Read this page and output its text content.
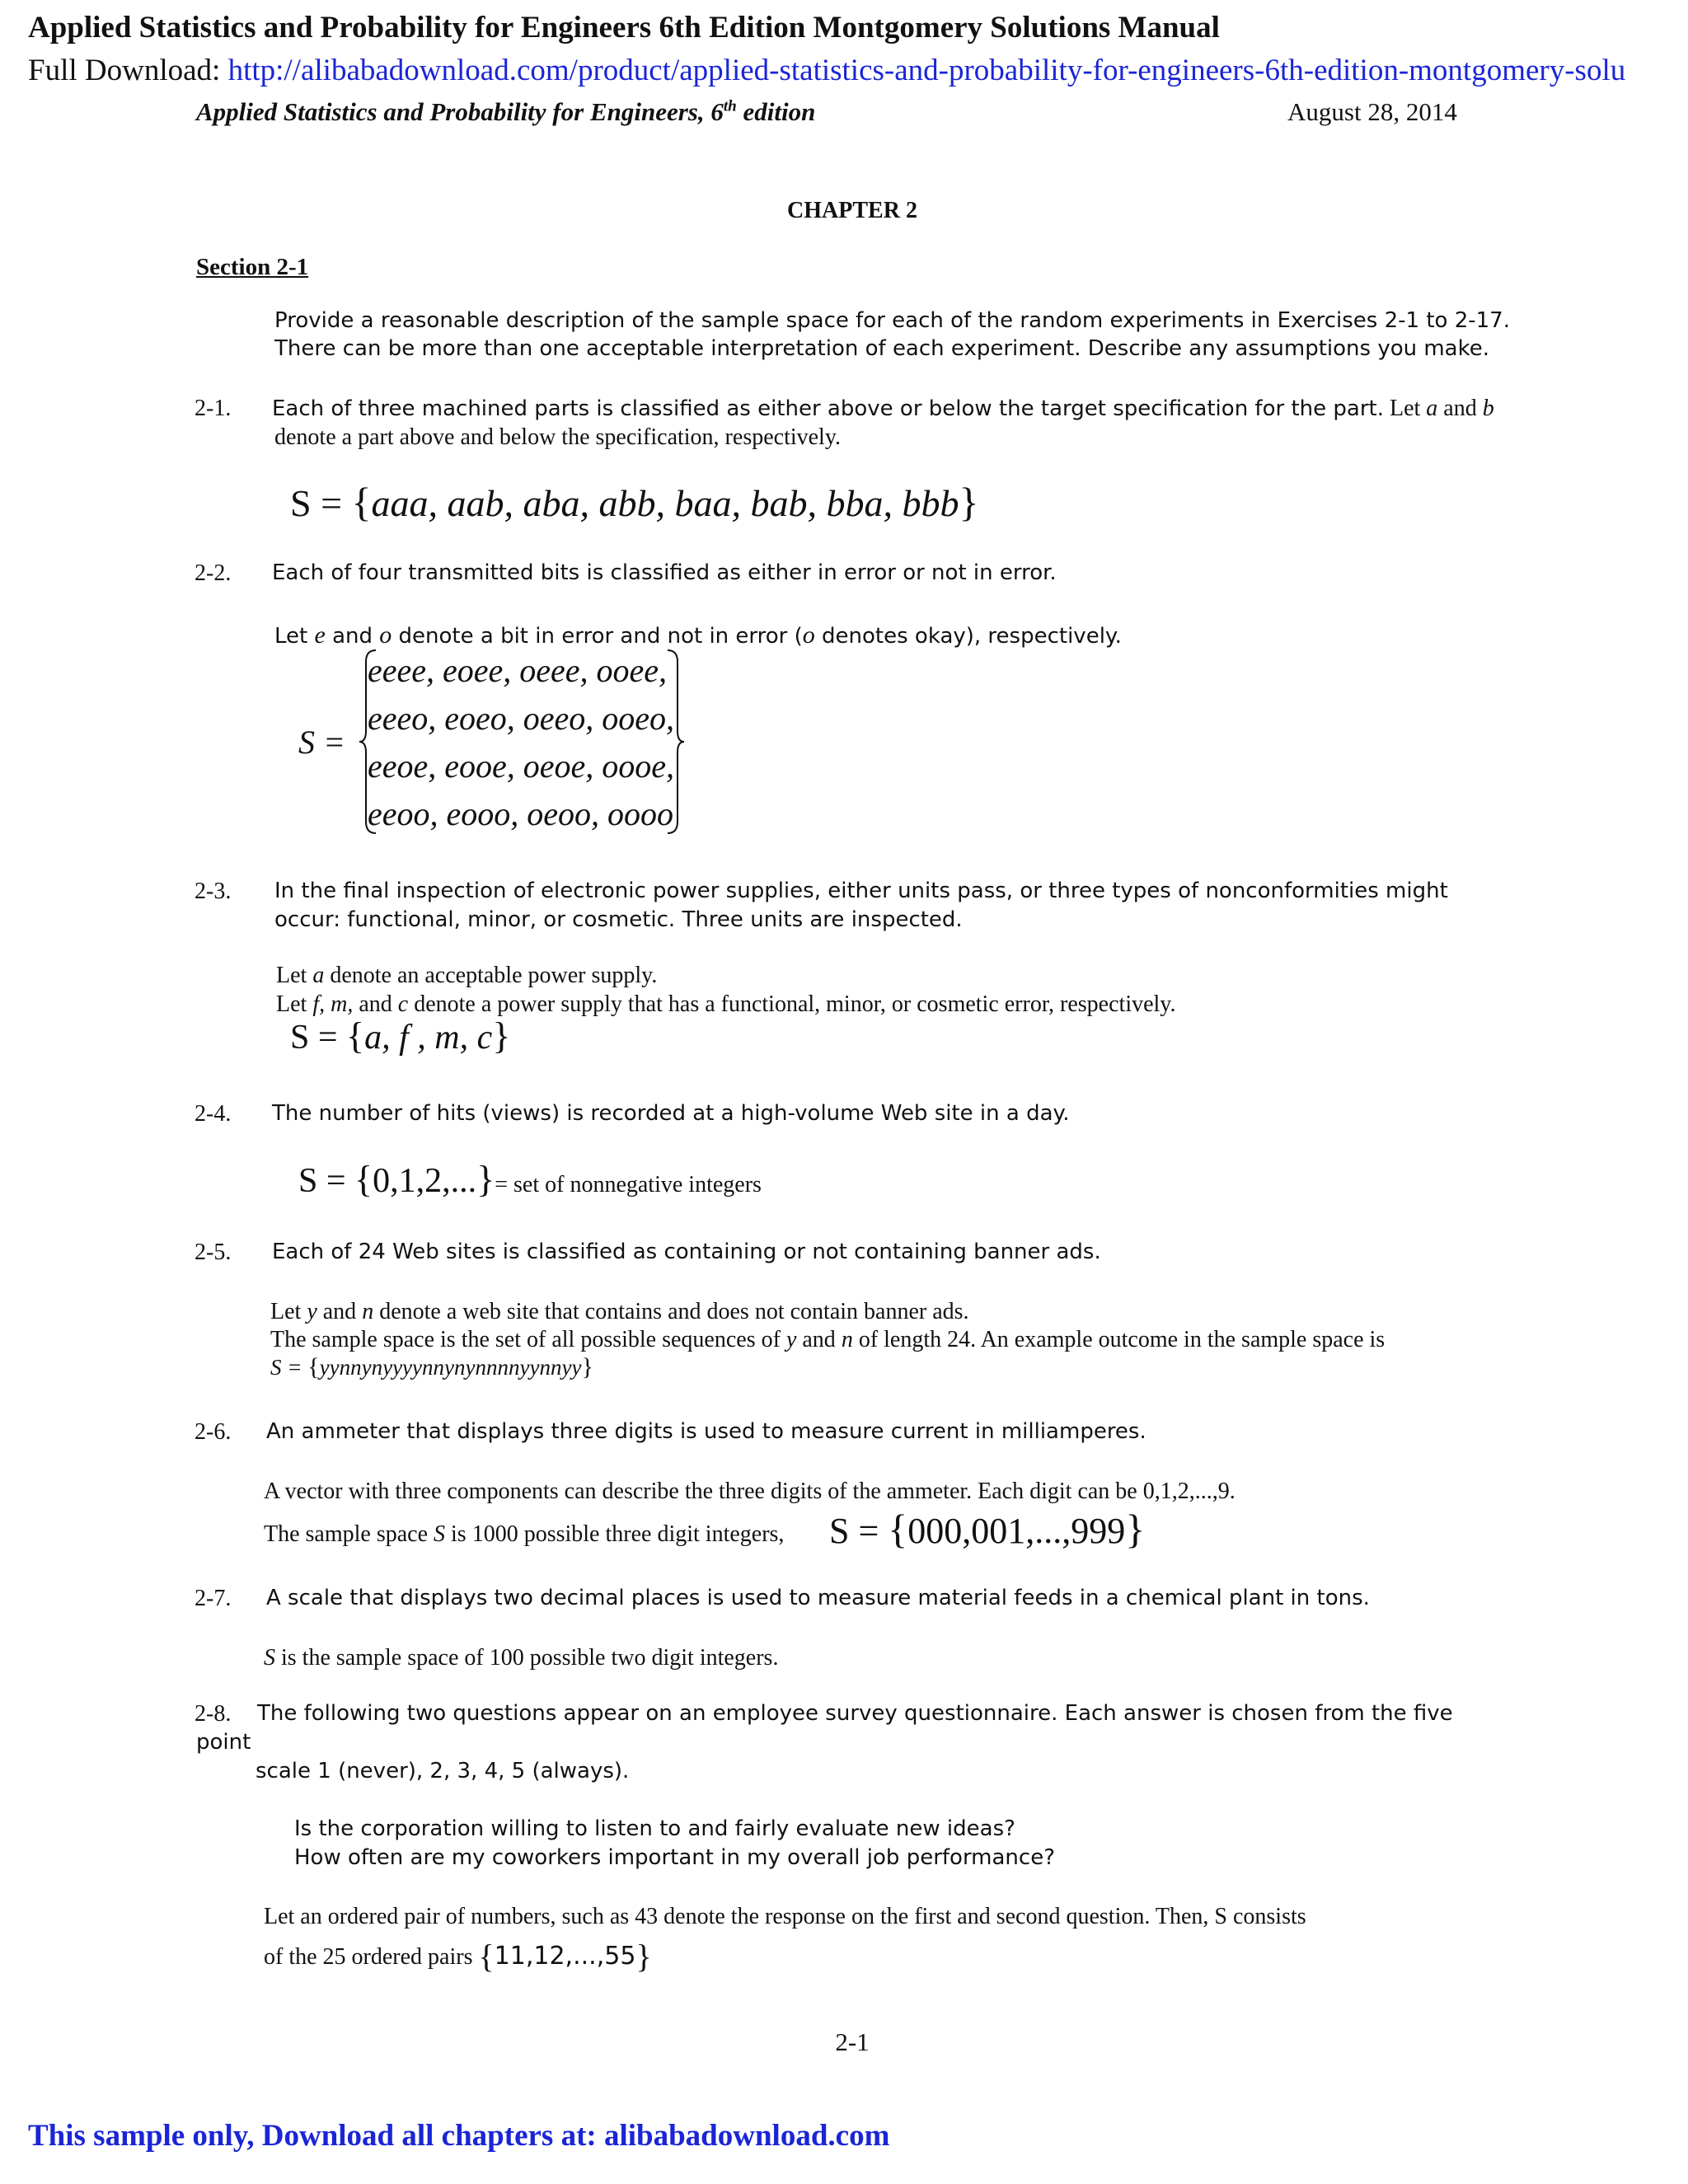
Applied Statistics and Probability for Engineers 6th Edition Montgomery Solutions Manual
Full Download: http://alibabadownload.com/product/applied-statistics-and-probability-for-engineers-6th-edition-montgomery-solu
Applied Statistics and Probability for Engineers, 6th edition	August 28, 2014
CHAPTER 2
Section 2-1
Provide a reasonable description of the sample space for each of the random experiments in Exercises 2-1 to 2-17.
There can be more than one acceptable interpretation of each experiment. Describe any assumptions you make.
2-1. Each of three machined parts is classified as either above or below the target specification for the part. Let a and b
denote a part above and below the specification, respectively.
S = {aaa, aab, aba, abb, baa, bab, bba, bbb}
2-2. Each of four transmitted bits is classified as either in error or not in error.
Let e and o denote a bit in error and not in error (o denotes okay), respectively.
S =
eeee, eoee, oeee, ooee,
eeeo, eoeo, oeeo, ooeo,
eeoe, eooe, oeoe, oooe,
eeoo, eooo, oeoo, oooo
2-3. In the final inspection of electronic power supplies, either units pass, or three types of nonconformities might
occur: functional, minor, or cosmetic. Three units are inspected.
Let a denote an acceptable power supply.
Let f, m, and c denote a power supply that has a functional, minor, or cosmetic error, respectively.
S = {a, f , m, c}
2-4. The number of hits (views) is recorded at a high-volume Web site in a day.
S = {0,1,2,...}= set of nonnegative integers
2-5. Each of 24 Web sites is classified as containing or not containing banner ads.
Let y and n denote a web site that contains and does not contain banner ads.
The sample space is the set of all possible sequences of y and n of length 24. An example outcome in the sample space is
S = {yynnynyyyynnynynnnnyynnyy}
2-6. An ammeter that displays three digits is used to measure current in milliamperes.
A vector with three components can describe the three digits of the ammeter. Each digit can be 0,1,2,...,9.
The sample space S is 1000 possible three digit integers, S = {000,001,...,999}
2-7. A scale that displays two decimal places is used to measure material feeds in a chemical plant in tons.
S is the sample space of 100 possible two digit integers.
2-8. The following two questions appear on an employee survey questionnaire. Each answer is chosen from the five
point
scale 1 (never), 2, 3, 4, 5 (always).
Is the corporation willing to listen to and fairly evaluate new ideas?
How often are my coworkers important in my overall job performance?
Let an ordered pair of numbers, such as 43 denote the response on the first and second question. Then, S consists
of the 25 ordered pairs {11,12,...,55}
2-1
This sample only, Download all chapters at: alibabadownload.com
